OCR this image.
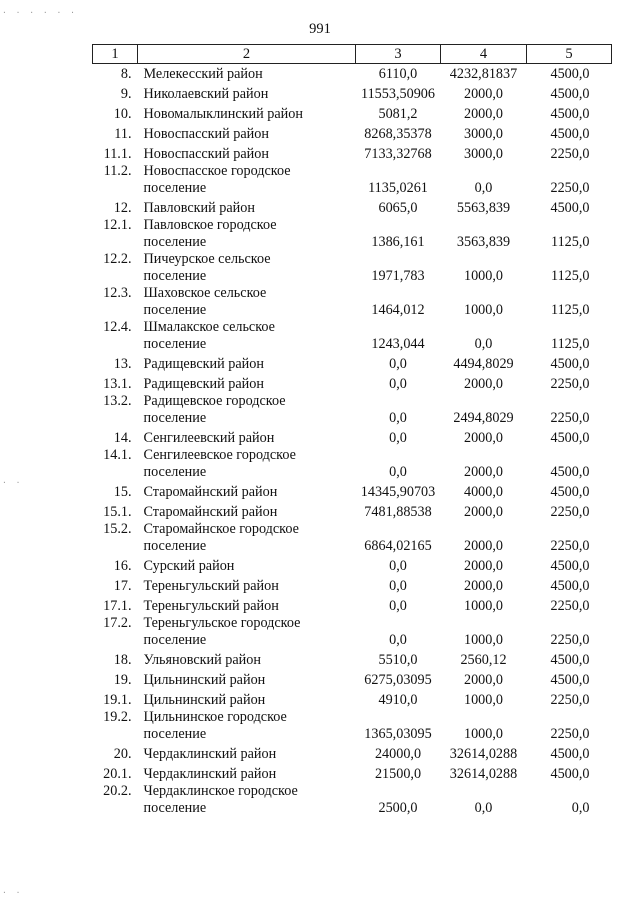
· · · · · ·
· ·
· ·
991
1	2	3	4	5
8.	Мелекесский район	6110,0	4232,81837	4500,0
9.	Николаевский район	11553,50906	2000,0	4500,0
10.	Новомалыклинский район	5081,2	2000,0	4500,0
11.	Новоспасский район	8268,35378	3000,0	4500,0
11.1.	Новоспасский район	7133,32768	3000,0	2250,0
11.2.	Новоспасское городское
поселение	1135,0261	0,0	2250,0
12.	Павловский район	6065,0	5563,839	4500,0
12.1.	Павловское городское
поселение	1386,161	3563,839	1125,0
12.2.	Пичеурское сельское
поселение	1971,783	1000,0	1125,0
12.3.	Шаховское сельское
поселение	1464,012	1000,0	1125,0
12.4.	Шмалакское сельское
поселение	1243,044	0,0	1125,0
13.	Радищевский район	0,0	4494,8029	4500,0
13.1.	Радищевский район	0,0	2000,0	2250,0
13.2.	Радищевское городское
поселение	0,0	2494,8029	2250,0
14.	Сенгилеевский район	0,0	2000,0	4500,0
14.1.	Сенгилеевское городское
поселение	0,0	2000,0	4500,0
15.	Старомайнский район	14345,90703	4000,0	4500,0
15.1.	Старомайнский район	7481,88538	2000,0	2250,0
15.2.	Старомайнское городское
поселение	6864,02165	2000,0	2250,0
16.	Сурский район	0,0	2000,0	4500,0
17.	Тереньгульский район	0,0	2000,0	4500,0
17.1.	Тереньгульский район	0,0	1000,0	2250,0
17.2.	Тереньгульское городское
поселение	0,0	1000,0	2250,0
18.	Ульяновский район	5510,0	2560,12	4500,0
19.	Цильнинский район	6275,03095	2000,0	4500,0
19.1.	Цильнинский район	4910,0	1000,0	2250,0
19.2.	Цильнинское городское
поселение	1365,03095	1000,0	2250,0
20.	Чердаклинский район	24000,0	32614,0288	4500,0
20.1.	Чердаклинский район	21500,0	32614,0288	4500,0
20.2.	Чердаклинское городское
поселение	2500,0	0,0	0,0
